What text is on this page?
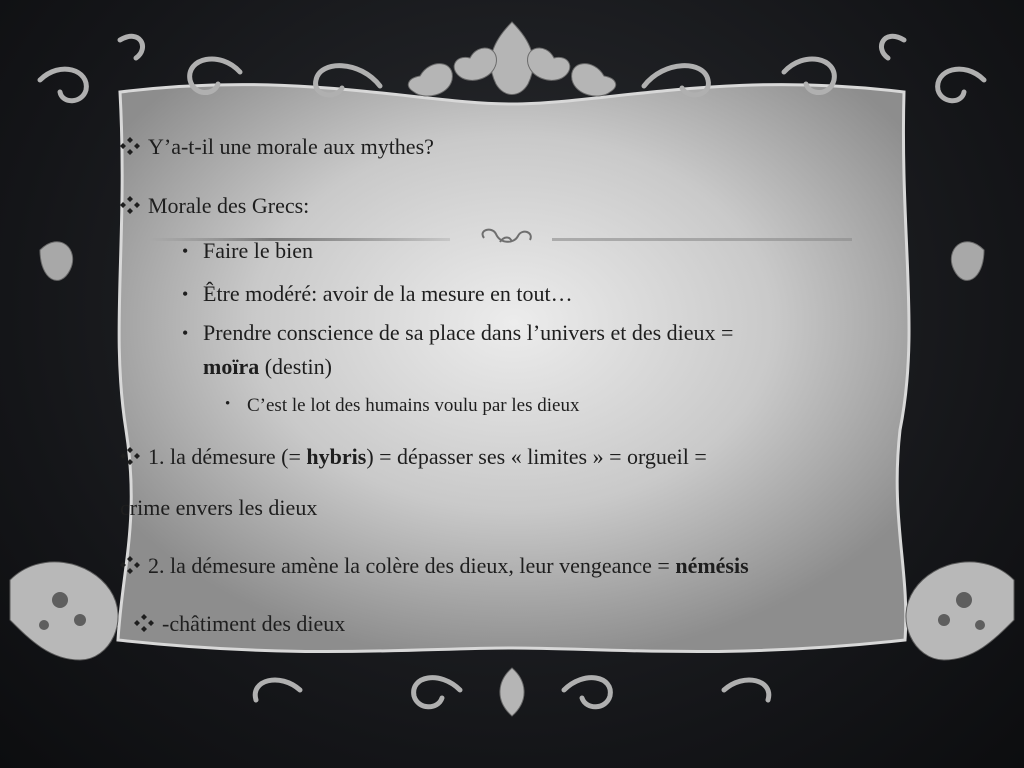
Y’a-t-il une morale aux mythes?
Morale des Grecs:
• Faire le bien
• Être modéré: avoir de la mesure en tout…
• Prendre conscience de sa place dans l’univers et des dieux =
moïra (destin)
• C’est le lot des humains voulu par les dieux
1. la démesure (= hybris) = dépasser ses « limites » = orgueil =
crime envers les dieux
2. la démesure amène la colère des dieux, leur vengeance = némésis
-châtiment des dieux
